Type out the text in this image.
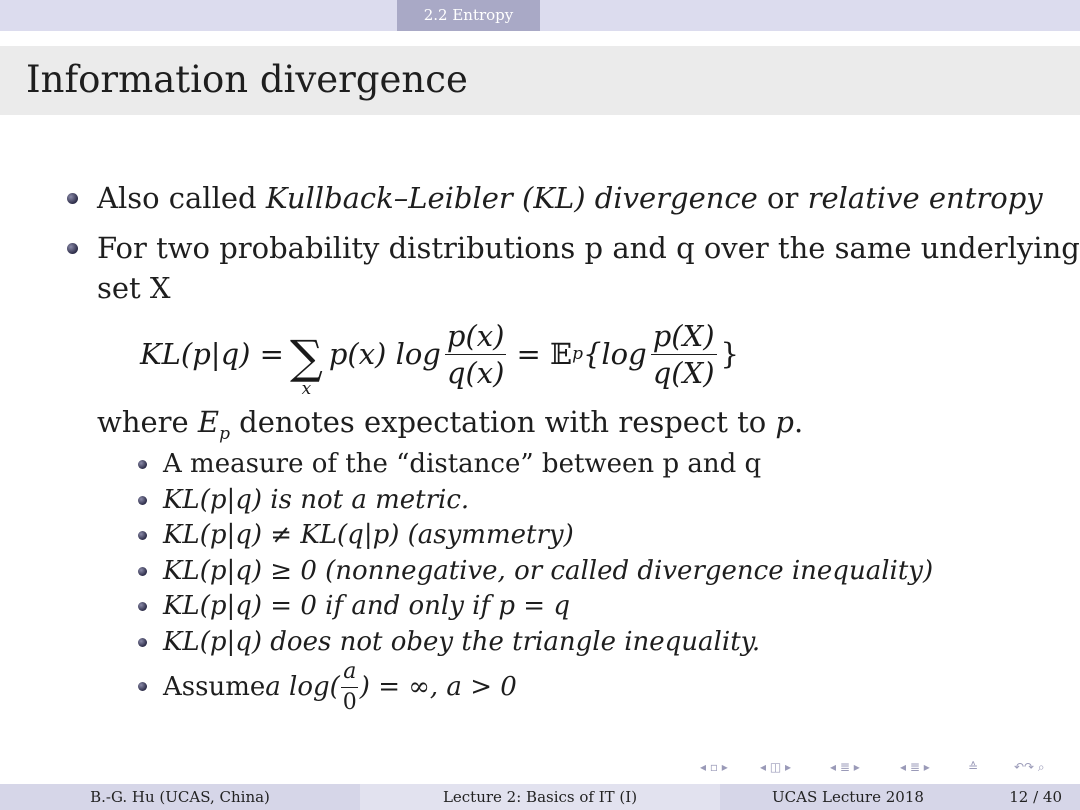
2.2 Entropy
Information divergence
Also called Kullback–Leibler (KL) divergence or relative entropy
For two probability distributions p and q over the same underlying
set X
KL(p|q) = ∑
x
p(x) $\log \frac{p(x)}{q(x)}$ = 𝔼 p {$\log \frac{p(X)}{q(X)}$ }
where $E_p$ denotes expectation with respect to p.
A measure of the “distance” between p and q
KL(p|q) is not a metric.
KL(p|q) ≠ KL(q|p) (asymmetry)
KL(p|q) ≥ 0 (nonnegative, or called divergence inequality)
KL(p|q) = 0 if and only if p = q
KL(p|q) does not obey the triangle inequality.
Assume a $\log( \frac{a}{0}$ ) = ∞, a > 0
◂ ▫ ▸	◂ ◫ ▸	◂ ≣ ▸	◂ ≣ ▸	≙	↶↷ ⌕
B.-G. Hu (UCAS, China)	Lecture 2: Basics of IT (I)	UCAS Lecture 2018	12 / 40
